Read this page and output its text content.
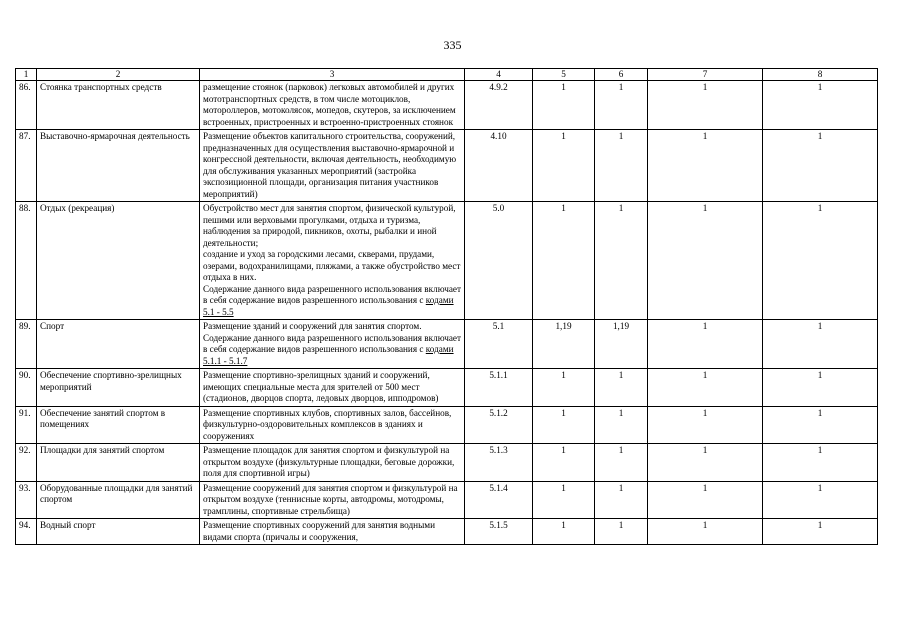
335
1	2	3	4	5	6	7	8
86.	Стоянка транспортных средств	размещение стоянок (парковок) легковых автомобилей и других мототранспортных средств, в том числе мотоциклов, мотороллеров, мотоколясок, мопедов, скутеров, за исключением встроенных, пристроенных и встроенно-пристроенных стоянок	4.9.2	1	1	1	1
87.	Выставочно-ярмарочная деятельность	Размещение объектов капитального строительства, сооружений, предназначенных для осуществления выставочно-ярмарочной и конгрессной деятельности, включая деятельность, необходимую для обслуживания указанных мероприятий (застройка экспозиционной площади, организация питания участников мероприятий)	4.10	1	1	1	1
88.	Отдых (рекреация)	Обустройство мест для занятия спортом, физической культурой, пешими или верховыми прогулками, отдыха и туризма, наблюдения за природой, пикников, охоты, рыбалки и иной деятельности;
создание и уход за городскими лесами, скверами, прудами, озерами, водохранилищами, пляжами, а также обустройство мест отдыха в них.
Содержание данного вида разрешенного использования включает в себя содержание видов разрешенного использования с кодами 5.1 - 5.5	5.0	1	1	1	1
89.	Спорт	Размещение зданий и сооружений для занятия спортом. Содержание данного вида разрешенного использования включает в себя содержание видов разрешенного использования с кодами 5.1.1 - 5.1.7	5.1	1,19	1,19	1	1
90.	Обеспечение спортивно-зрелищных мероприятий	Размещение спортивно-зрелищных зданий и сооружений, имеющих специальные места для зрителей от 500 мест (стадионов, дворцов спорта, ледовых дворцов, ипподромов)	5.1.1	1	1	1	1
91.	Обеспечение занятий спортом в помещениях	Размещение спортивных клубов, спортивных залов, бассейнов, физкультурно-оздоровительных комплексов в зданиях и сооружениях	5.1.2	1	1	1	1
92.	Площадки для занятий спортом	Размещение площадок для занятия спортом и физкультурой на открытом воздухе (физкультурные площадки, беговые дорожки, поля для спортивной игры)	5.1.3	1	1	1	1
93.	Оборудованные площадки для занятий спортом	Размещение сооружений для занятия спортом и физкультурой на открытом воздухе (теннисные корты, автодромы, мотодромы, трамплины, спортивные стрельбища)	5.1.4	1	1	1	1
94.	Водный спорт	Размещение спортивных сооружений для занятия водными видами спорта (причалы и сооружения,	5.1.5	1	1	1	1
